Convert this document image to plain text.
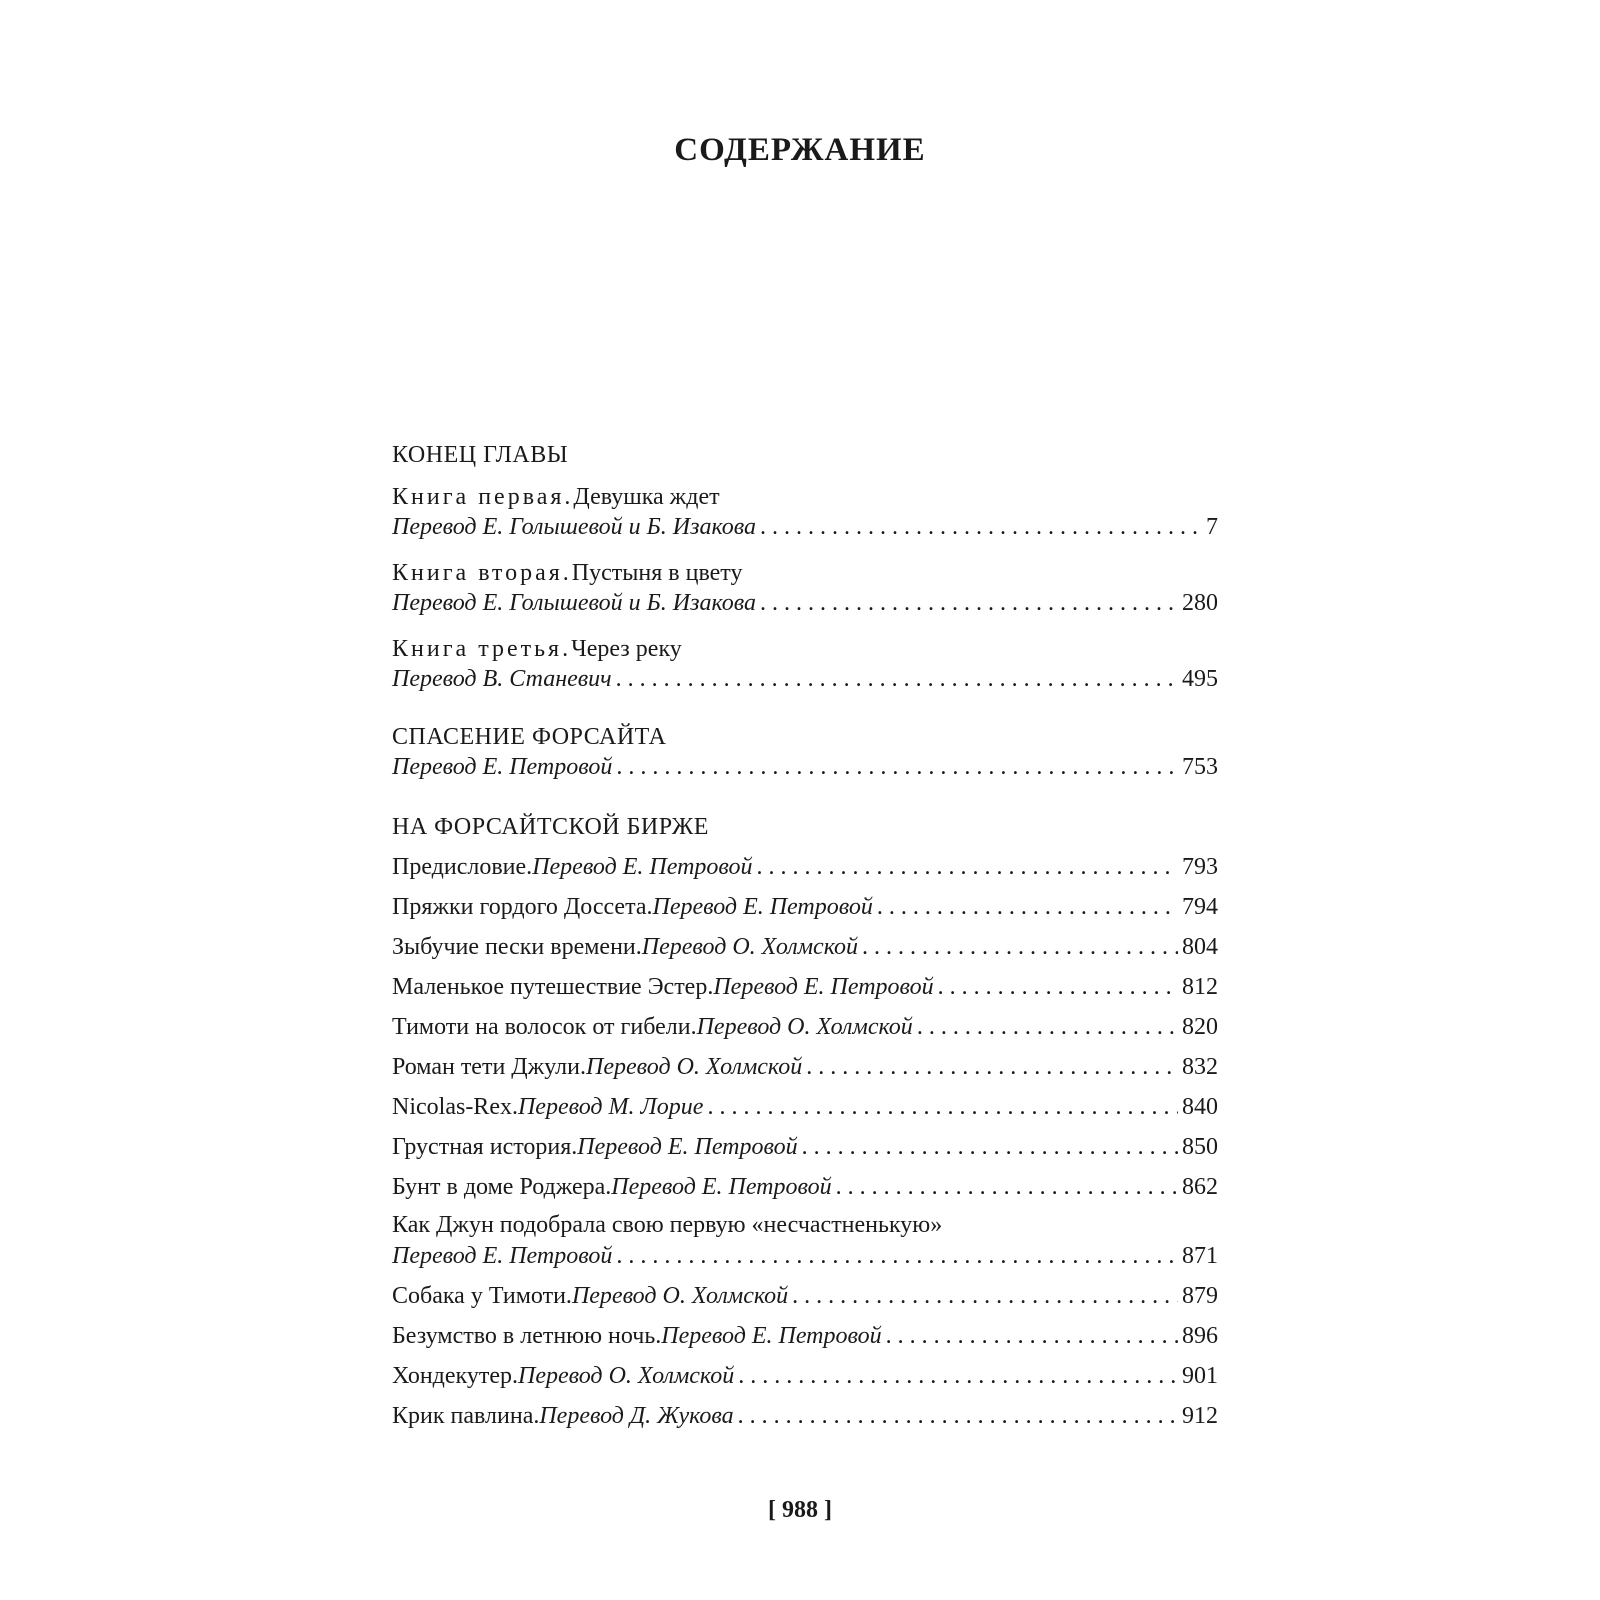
СОДЕРЖАНИЕ
КОНЕЦ ГЛАВЫ
Книга первая. Девушка ждет
Перевод Е. Голышевой и Б. Изакова . . .	7
Книга вторая. Пустыня в цвету
Перевод Е. Голышевой и Б. Изакова . . .	280
Книга третья. Через реку
Перевод В. Станевич . . .	495
СПАСЕНИЕ ФОРСАЙТА
Перевод Е. Петровой . . .	753
НА ФОРСАЙТСКОЙ БИРЖЕ
Предисловие. Перевод Е. Петровой . . .	793
Пряжки гордого Доссета. Перевод Е. Петровой . . .	794
Зыбучие пески времени. Перевод О. Холмской . . .	804
Маленькое путешествие Эстер. Перевод Е. Петровой . . .	812
Тимоти на волосок от гибели. Перевод О. Холмской . . .	820
Роман тети Джули. Перевод О. Холмской . . .	832
Nicolas-Rex. Перевод М. Лорие . . .	840
Грустная история. Перевод Е. Петровой . . .	850
Бунт в доме Роджера. Перевод Е. Петровой . . .	862
Как Джун подобрала свою первую «несчастненькую»
Перевод Е. Петровой . . .	871
Собака у Тимоти. Перевод О. Холмской . . .	879
Безумство в летнюю ночь. Перевод Е. Петровой . . .	896
Хондекутер. Перевод О. Холмской . . .	901
Крик павлина. Перевод Д. Жукова . . .	912
[ 988 ]
